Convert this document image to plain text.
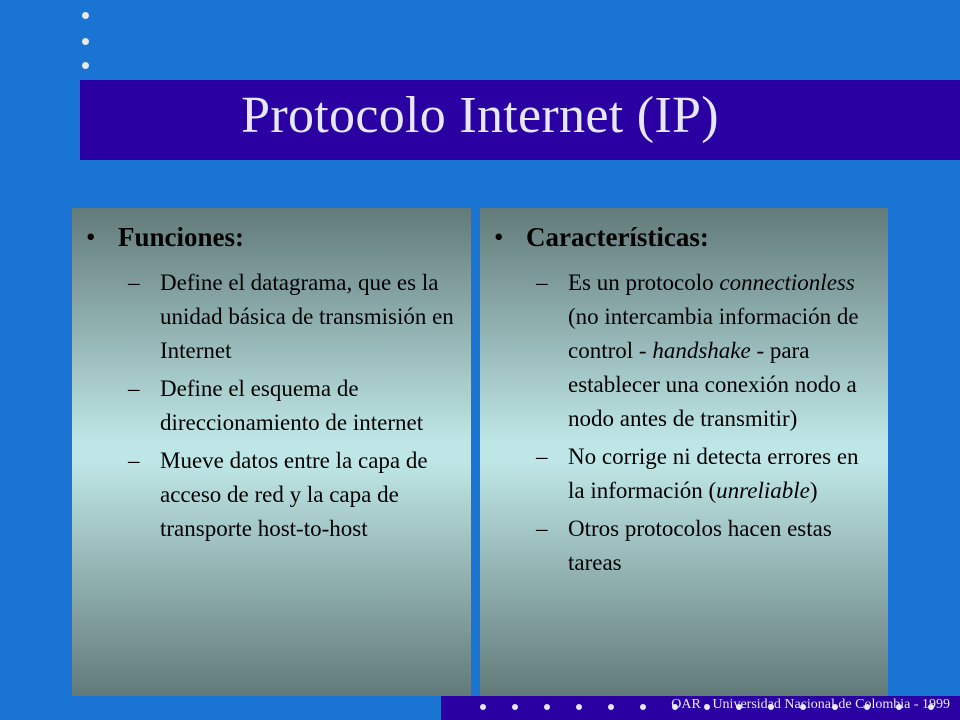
Protocolo Internet (IP)
• Funciones:
– Define el datagrama, que es la unidad básica de transmisión en Internet
– Define el esquema de direccionamiento de internet
– Mueve datos entre la capa de acceso de red y la capa de transporte host-to-host
• Características:
– Es un protocolo connectionless (no intercambia información de control - handshake - para establecer una conexión nodo a nodo antes de transmitir)
– No corrige ni detecta errores en la información (unreliable)
– Otros protocolos hacen estas tareas
OAR - Universidad Nacional de Colombia - 1999
